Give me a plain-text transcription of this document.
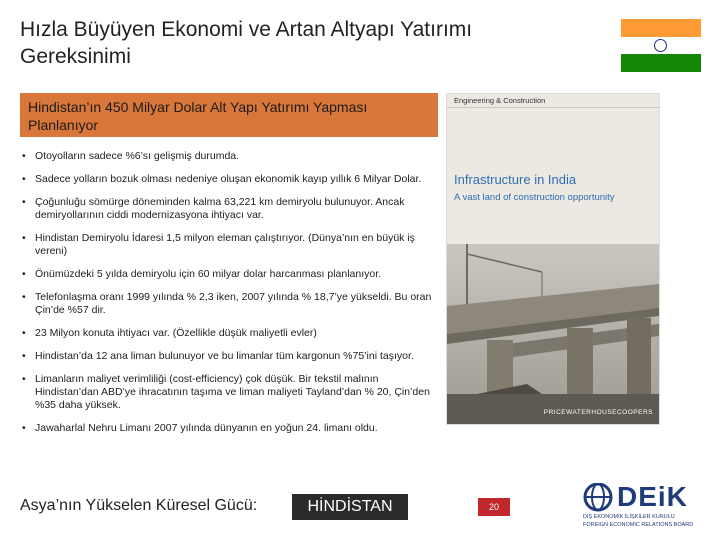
Hızla Büyüyen Ekonomi ve Artan Altyapı Yatırımı Gereksinimi
Hindistan’ın 450 Milyar Dolar Alt Yapı Yatırımı Yapması Planlanıyor
• Otoyolların sadece %6’sı gelişmiş durumda.
• Sadece yolların bozuk olması nedeniye oluşan ekonomik kayıp yıllık 6 Milyar Dolar.
• Çoğunluğu sömürge döneminden kalma 63,221 km demiryolu bulunuyor. Ancak demiryollarının ciddi modernizasyona ihtiyacı var.
• Hindistan Demiryolu İdaresi 1,5 milyon eleman çalıştırıyor. (Dünya’nın en büyük iş vereni)
• Önümüzdeki 5 yılda demiryolu için 60 milyar dolar harcanması planlanıyor.
• Telefonlaşma oranı 1999 yılında % 2,3 iken, 2007 yılında % 18,7’ye yükseldi. Bu oran Çin’de %57 dir.
• 23 Milyon konuta ihtiyacı var. (Özellikle düşük maliyetli evler)
• Hindistan’da 12 ana liman bulunuyor ve bu limanlar tüm kargonun %75’ini taşıyor.
• Limanların maliyet verimliliği (cost-efficiency) çok düşük. Bir tekstil malının Hindistan’dan ABD’ye ihracatının taşıma ve liman maliyeti Tayland’dan % 20, Çin’den %35 daha yüksek.
• Jawaharlal Nehru Limanı 2007 yılında dünyanın en yoğun 24. limanı oldu.
Engineering & Construction
Infrastructure in India
A vast land of construction opportunity
PRICEWATERHOUSECOOPERS
Asya’nın Yükselen Küresel Gücü:	HİNDİSTAN	20	DEiK
DIŞ EKONOMİK İLİŞKİLER KURULU
FOREIGN ECONOMIC RELATIONS BOARD
